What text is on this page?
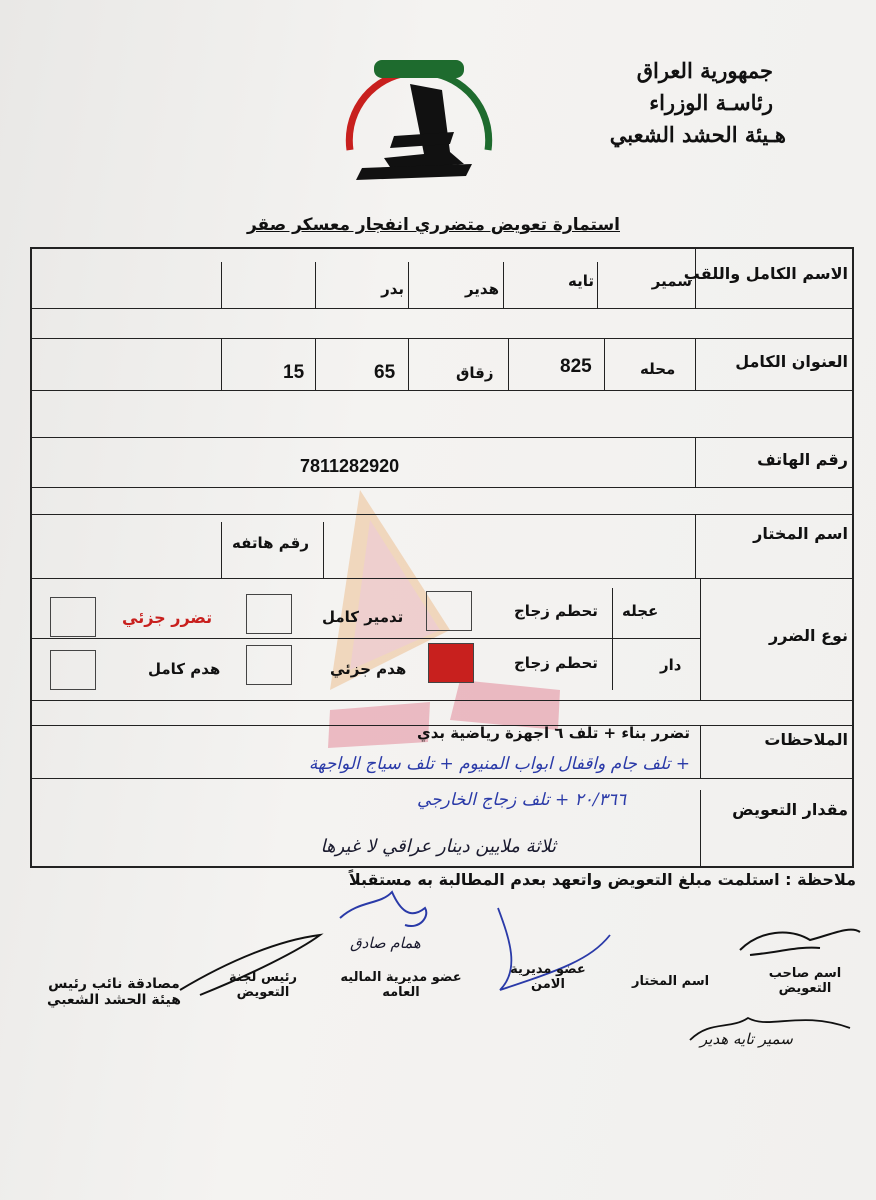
جمهورية العراق
رئاسـة الوزراء
هـيئة الحشد الشعبي
استمارة تعويض متضرري انفجار معسكر صقر
الاسم الكامل واللقب
سمير
تايه
هدير
بدر
العنوان الكامل
محله
825
زقاق
65
15
رقم الهاتف
7811282920
اسم المختار
رقم هاتفه
نوع الضرر
عجله
دار
تحطم زجاج
تدمير كامل
تضرر جزئي
تحطم زجاج
هدم جزئي
هدم كامل
الملاحظات
تضرر بناء + تلف ٦ اجهزة رياضية بدي
+ تلف جام واقفال ابواب المنيوم + تلف سياج الواجهة
٢٠/٣٦٦ + تلف زجاج الخارجي	مقدار التعويض
ثلاثة ملايين دينار عراقي لا غيرها
ملاحظة : استلمت مبلغ التعويض واتعهد بعدم المطالبة به مستقبلاً
همام صادق
سمير تايه هدير
اسم صاحب التعويض
اسم المختار
عضو مديرية الامن
عضو مديرية الماليه العامه
رئيس لجنة التعويض
مصادقة نائب رئيس هيئة الحشد الشعبي
